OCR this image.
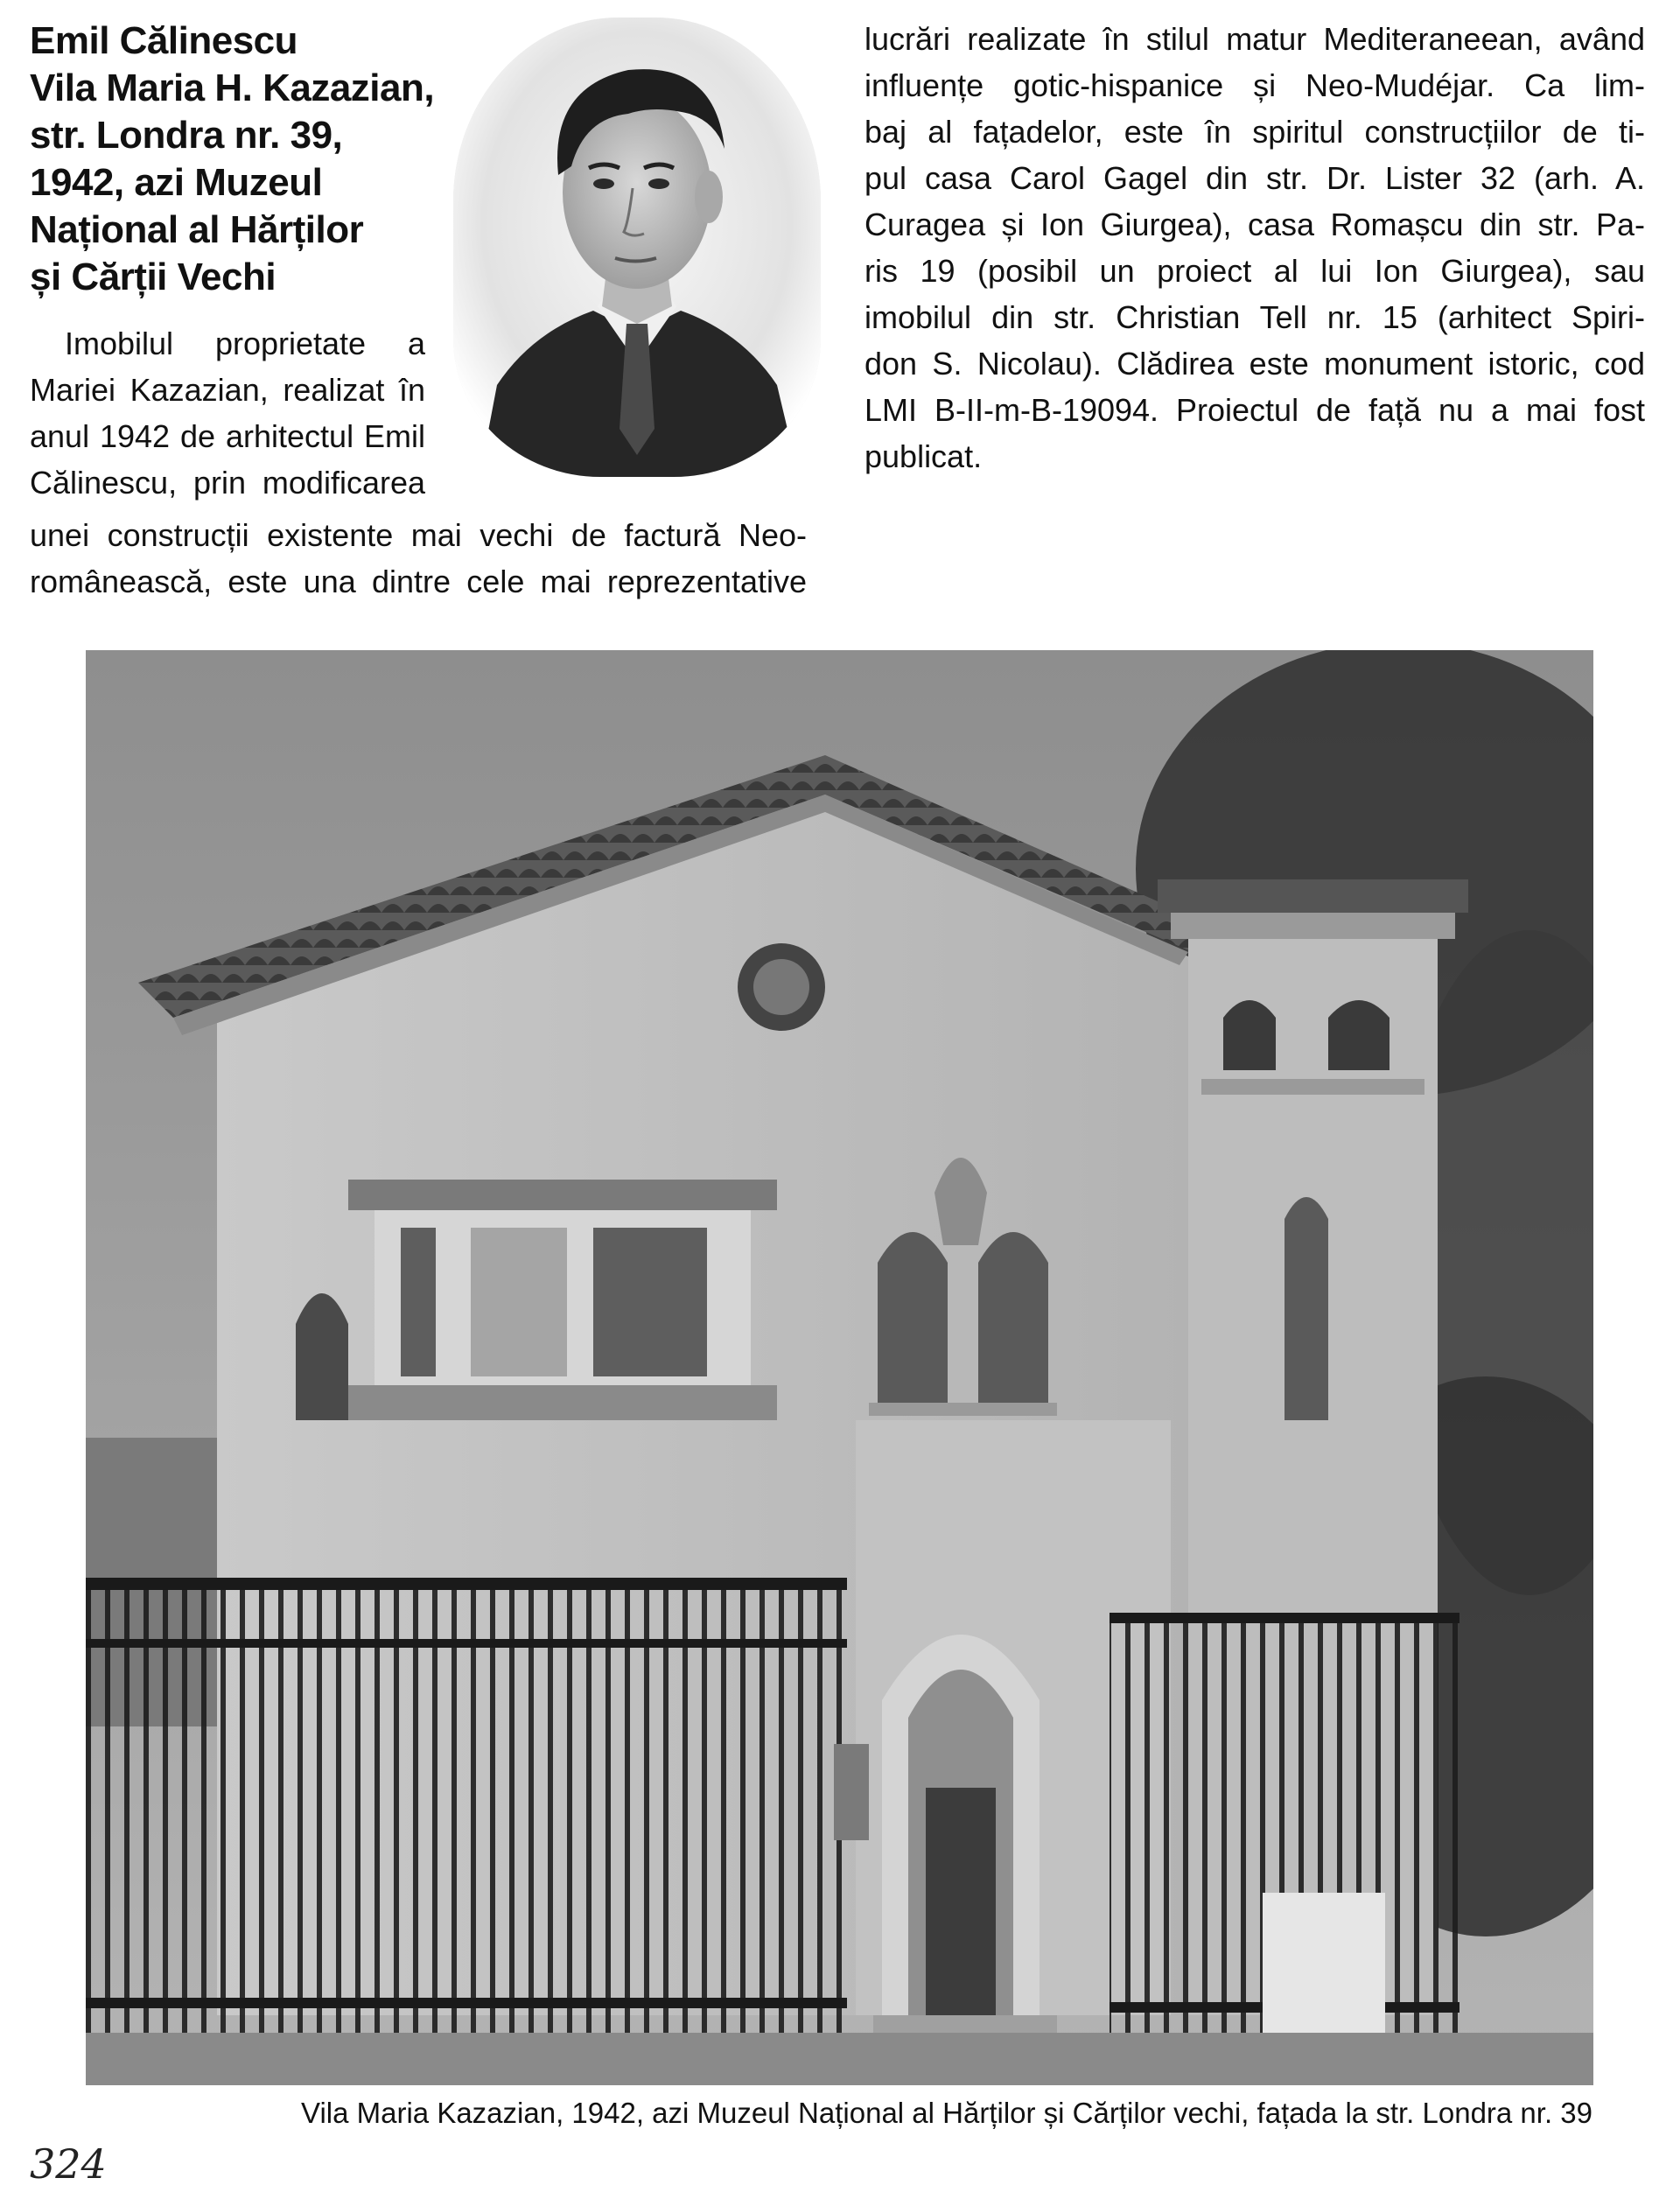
Emil Călinescu
Vila Maria H. Kazazian,
str. Londra nr. 39,
1942, azi Muzeul
Național al Hărților
și Cărții Vechi
Imobilul proprietate a
Mariei Kazazian, realizat în
anul 1942 de arhitectul Emil
Călinescu, prin modificarea
unei construcții existente mai vechi de factură Neo-
românească, este una dintre cele mai reprezentative
lucrări realizate în stilul matur Mediteraneean, având
influențe gotic-hispanice și Neo-Mudéjar. Ca lim-
baj al fațadelor, este în spiritul construcțiilor de ti-
pul casa Carol Gagel din str. Dr. Lister 32 (arh. A.
Curagea și Ion Giurgea), casa Romașcu din str. Pa-
ris 19 (posibil un proiect al lui Ion Giurgea), sau
imobilul din str. Christian Tell nr. 15 (arhitect Spiri-
don S. Nicolau). Clădirea este monument istoric, cod
LMI B-II-m-B-19094. Proiectul de față nu a mai fost
publicat.
Vila Maria Kazazian, 1942, azi Muzeul Național al Hărților și Cărților vechi, fațada la str. Londra nr. 39
324
